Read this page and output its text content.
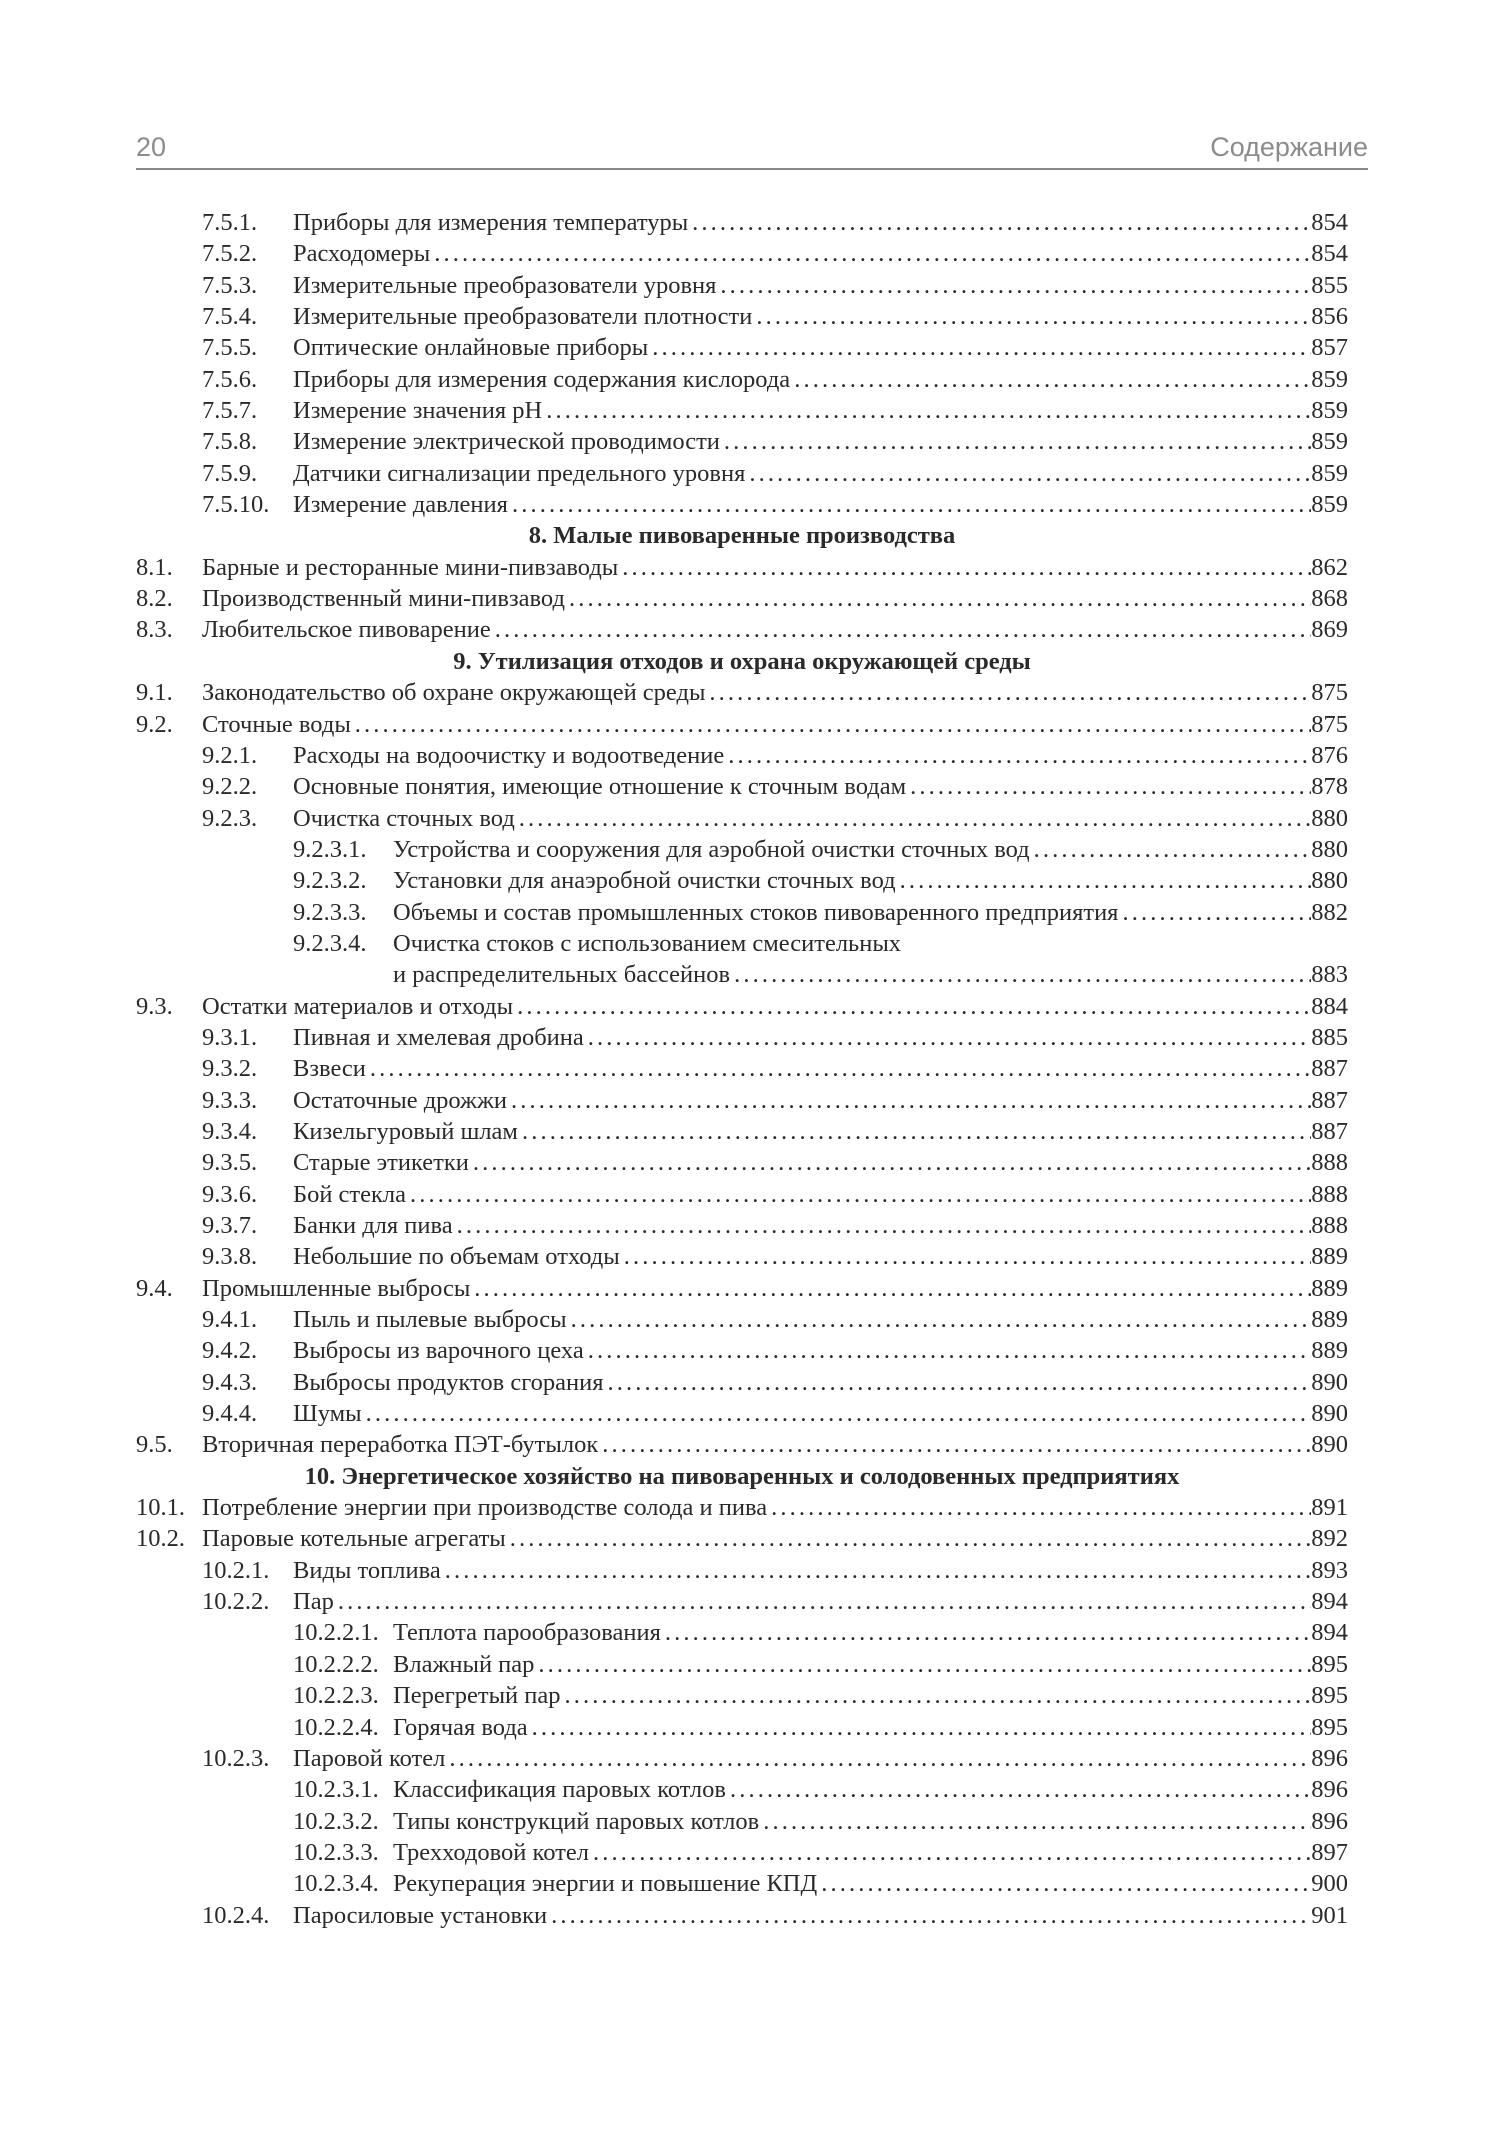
20	Содержание
7.5.1.	Приборы для измерения температуры . . .	854
7.5.2.	Расходомеры . . .	854
7.5.3.	Измерительные преобразователи уровня . . .	855
7.5.4.	Измерительные преобразователи плотности . . .	856
7.5.5.	Оптические онлайновые приборы . . .	857
7.5.6.	Приборы для измерения содержания кислорода . . .	859
7.5.7.	Измерение значения pH . . .	859
7.5.8.	Измерение электрической проводимости . . .	859
7.5.9.	Датчики сигнализации предельного уровня . . .	859
7.5.10. Измерение давления . . .	859
8. Малые пивоваренные производства
8.1.	Барные и ресторанные мини-пивзаводы . . .	862
8.2.	Производственный мини-пивзавод . . .	868
8.3.	Любительское пивоварение . . .	869
9. Утилизация отходов и охрана окружающей среды
9.1.	Законодательство об охране окружающей среды . . .	875
9.2.	Сточные воды . . .	875
9.2.1.	Расходы на водоочистку и водоотведение . . .	876
9.2.2.	Основные понятия, имеющие отношение к сточным водам . . .	878
9.2.3.	Очистка сточных вод . . .	880
9.2.3.1.	Устройства и сооружения для аэробной очистки сточных вод . . .	880
9.2.3.2.	Установки для анаэробной очистки сточных вод . . .	880
9.2.3.3.	Объемы и состав промышленных стоков пивоваренного предприятия . . .	882
9.2.3.4.	Очистка стоков с использованием смесительных
и распределительных бассейнов . . .	883
9.3.	Остатки материалов и отходы . . .	884
9.3.1.	Пивная и хмелевая дробина . . .	885
9.3.2.	Взвеси . . .	887
9.3.3.	Остаточные дрожжи . . .	887
9.3.4.	Кизельгуровый шлам . . .	887
9.3.5.	Старые этикетки . . .	888
9.3.6.	Бой стекла . . .	888
9.3.7.	Банки для пива . . .	888
9.3.8.	Небольшие по объемам отходы . . .	889
9.4.	Промышленные выбросы . . .	889
9.4.1.	Пыль и пылевые выбросы . . .	889
9.4.2.	Выбросы из варочного цеха . . .	889
9.4.3.	Выбросы продуктов сгорания . . .	890
9.4.4.	Шумы . . .	890
9.5.	Вторичная переработка ПЭТ-бутылок . . .	890
10. Энергетическое хозяйство на пивоваренных и солодовенных предприятиях
10.1. Потребление энергии при производстве солода и пива . . .	891
10.2. Паровые котельные агрегаты . . .	892
10.2.1. Виды топлива . . .	893
10.2.2. Пар . . .	894
10.2.2.1. Теплота парообразования . . .	894
10.2.2.2. Влажный пар . . .	895
10.2.2.3. Перегретый пар . . .	895
10.2.2.4. Горячая вода . . .	895
10.2.3. Паровой котел . . .	896
10.2.3.1. Классификация паровых котлов . . .	896
10.2.3.2. Типы конструкций паровых котлов . . .	896
10.2.3.3. Трехходовой котел . . .	897
10.2.3.4. Рекуперация энергии и повышение КПД . . .	900
10.2.4. Паросиловые установки . . .	901
